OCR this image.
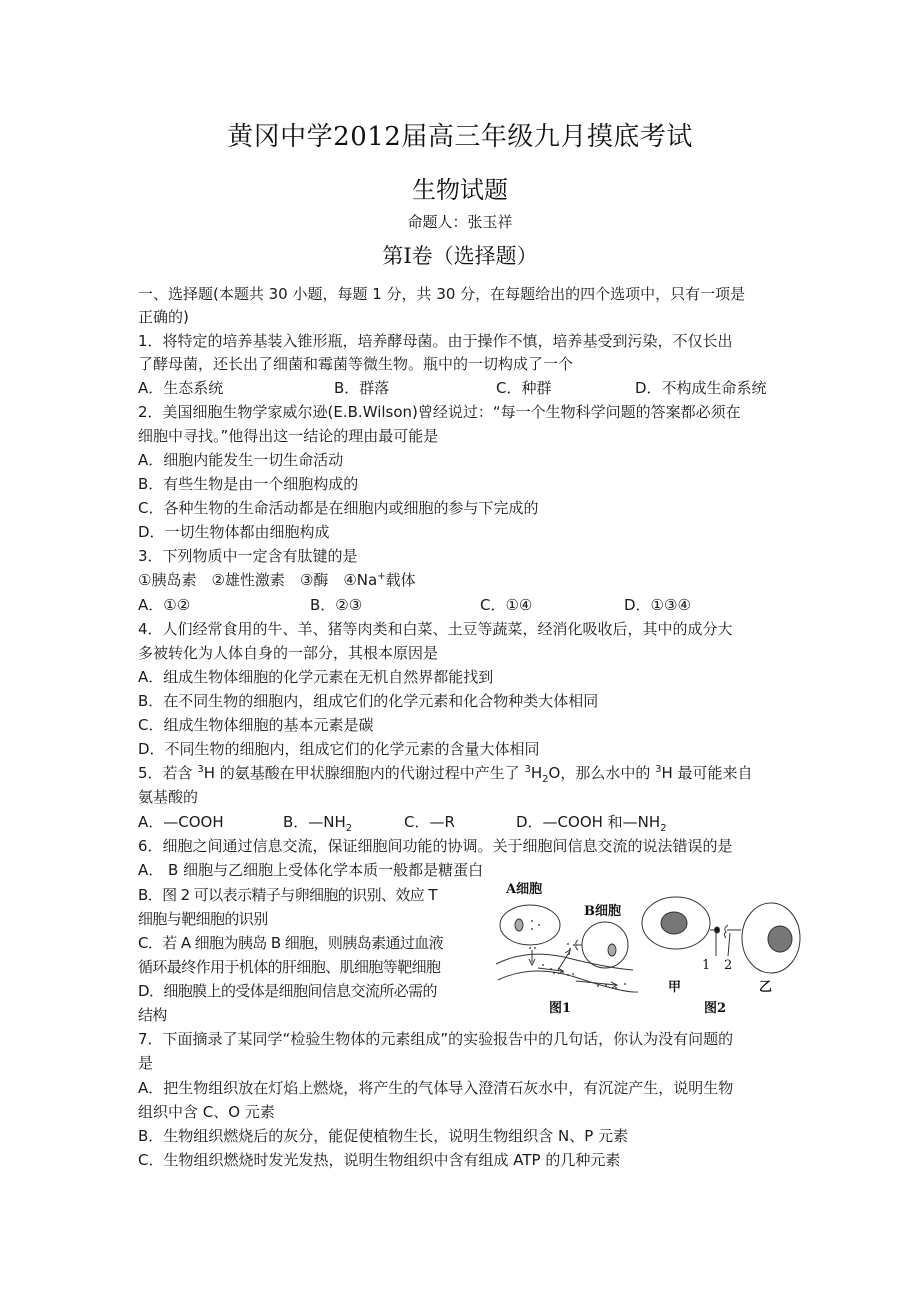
黄冈中学2012届高三年级九月摸底考试
生物试题
命题人：张玉祥
第Ⅰ卷（选择题）
一、选择题(本题共 30 小题，每题 1 分，共 30 分，在每题给出的四个选项中，只有一项是
正确的)
1．将特定的培养基装入锥形瓶，培养酵母菌。由于操作不慎，培养基受到污染，不仅长出
了酵母菌，还长出了细菌和霉菌等微生物。瓶中的一切构成了一个
A．生态系统	B．群落	C．种群	D．不构成生命系统
2．美国细胞生物学家威尔逊(E.B.Wilson)曾经说过：“每一个生物科学问题的答案都必须在
细胞中寻找。”他得出这一结论的理由最可能是
A．细胞内能发生一切生命活动
B．有些生物是由一个细胞构成的
C．各种生物的生命活动都是在细胞内或细胞的参与下完成的
D．一切生物体都由细胞构成
3．下列物质中一定含有肽键的是
①胰岛素　②雄性激素　③酶　④Na+载体
A．①②	B．②③	C．①④	D．①③④
4．人们经常食用的牛、羊、猪等肉类和白菜、土豆等蔬菜，经消化吸收后，其中的成分大
多被转化为人体自身的一部分，其根本原因是
A．组成生物体细胞的化学元素在无机自然界都能找到
B．在不同生物的细胞内，组成它们的化学元素和化合物种类大体相同
C．组成生物体细胞的基本元素是碳
D．不同生物的细胞内，组成它们的化学元素的含量大体相同
5．若含 $^3$H 的氨基酸在甲状腺细胞内的代谢过程中产生了 $^3H_2O$，那么水中的 $^3$H 最可能来自
氨基酸的
A．—COOH	B．$—NH_2$	C．—R	D．—COOH 和$—NH_2$
6．细胞之间通过信息交流，保证细胞间功能的协调。关于细胞间信息交流的说法错误的是
A． B 细胞与乙细胞上受体化学本质一般都是糖蛋白
B．图 2 可以表示精子与卵细胞的识别、效应 T
细胞与靶细胞的识别
C．若 A 细胞为胰岛 B 细胞，则胰岛素通过血液
循环最终作用于机体的肝细胞、肌细胞等靶细胞
D．细胞膜上的受体是细胞间信息交流所必需的
结构
A细胞
B细胞
图1
1 2
甲	乙
图2
7．下面摘录了某同学“检验生物体的元素组成”的实验报告中的几句话，你认为没有问题的
是
A．把生物组织放在灯焰上燃烧，将产生的气体导入澄清石灰水中，有沉淀产生，说明生物
组织中含 C、O 元素
B．生物组织燃烧后的灰分，能促使植物生长，说明生物组织含 N、P 元素
C．生物组织燃烧时发光发热，说明生物组织中含有组成 ATP 的几种元素
